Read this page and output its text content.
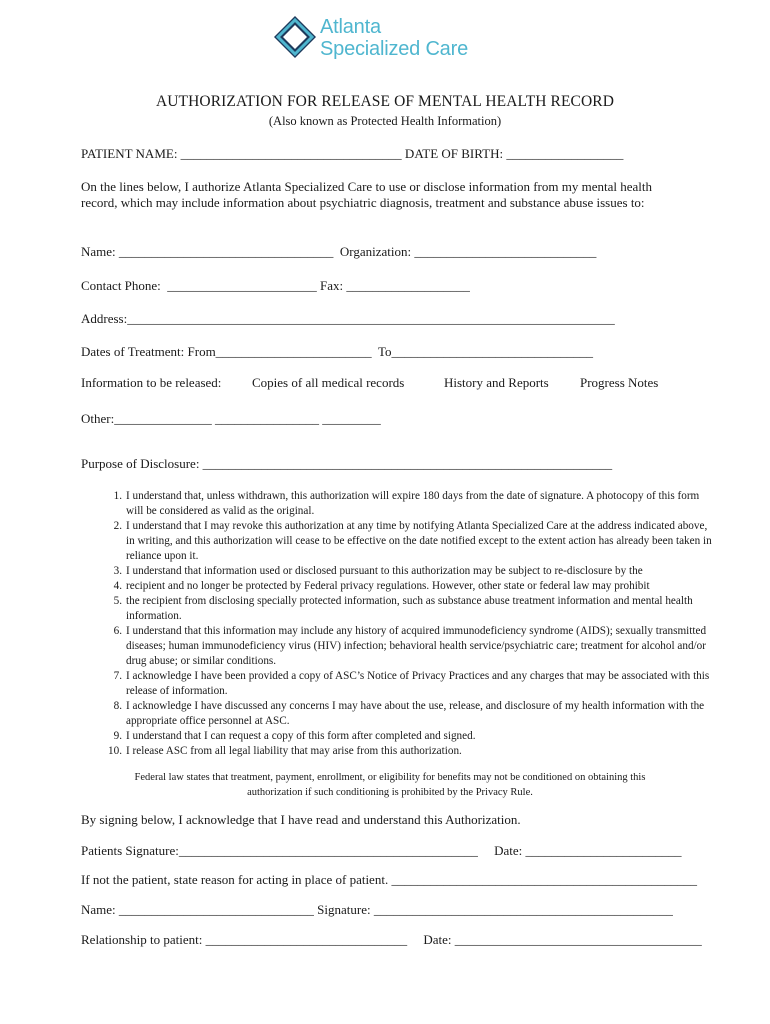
Atlanta
Specialized Care
AUTHORIZATION FOR RELEASE OF MENTAL HEALTH RECORD
(Also known as Protected Health Information)
PATIENT NAME: __________________________________ DATE OF BIRTH: __________________
On the lines below, I authorize Atlanta Specialized Care to use or disclose information from my mental health record, which may include information about psychiatric diagnosis, treatment and substance abuse issues to:
Name: _________________________________  Organization: ____________________________
Contact Phone:  _______________________ Fax: ___________________
Address:___________________________________________________________________________
Dates of Treatment: From________________________  To_______________________________
Information to be released: Copies of all medical records	History and Reports Progress Notes
Other:_______________ ________________ _________
Purpose of Disclosure: _______________________________________________________________
1. I understand that, unless withdrawn, this authorization will expire 180 days from the date of signature. A photocopy of this form will be considered as valid as the original.
2. I understand that I may revoke this authorization at any time by notifying Atlanta Specialized Care at the address indicated above, in writing, and this authorization will cease to be effective on the date notified except to the extent action has already been taken in reliance upon it.
3. I understand that information used or disclosed pursuant to this authorization may be subject to re-disclosure by the
4. recipient and no longer be protected by Federal privacy regulations. However, other state or federal law may prohibit
5. the recipient from disclosing specially protected information, such as substance abuse treatment information and mental health information.
6. I understand that this information may include any history of acquired immunodeficiency syndrome (AIDS); sexually transmitted diseases; human immunodeficiency virus (HIV) infection; behavioral health service/psychiatric care; treatment for alcohol and/or drug abuse; or similar conditions.
7. I acknowledge I have been provided a copy of ASC’s Notice of Privacy Practices and any charges that may be associated with this release of information.
8. I acknowledge I have discussed any concerns I may have about the use, release, and disclosure of my health information with the appropriate office personnel at ASC.
9. I understand that I can request a copy of this form after completed and signed.
10. I release ASC from all legal liability that may arise from this authorization.
Federal law states that treatment, payment, enrollment, or eligibility for benefits may not be conditioned on obtaining this authorization if such conditioning is prohibited by the Privacy Rule.
By signing below, I acknowledge that I have read and understand this Authorization.
Patients Signature:______________________________________________     Date: ________________________
If not the patient, state reason for acting in place of patient. _______________________________________________
Name: ______________________________ Signature: ______________________________________________
Relationship to patient: _______________________________     Date: ______________________________________
